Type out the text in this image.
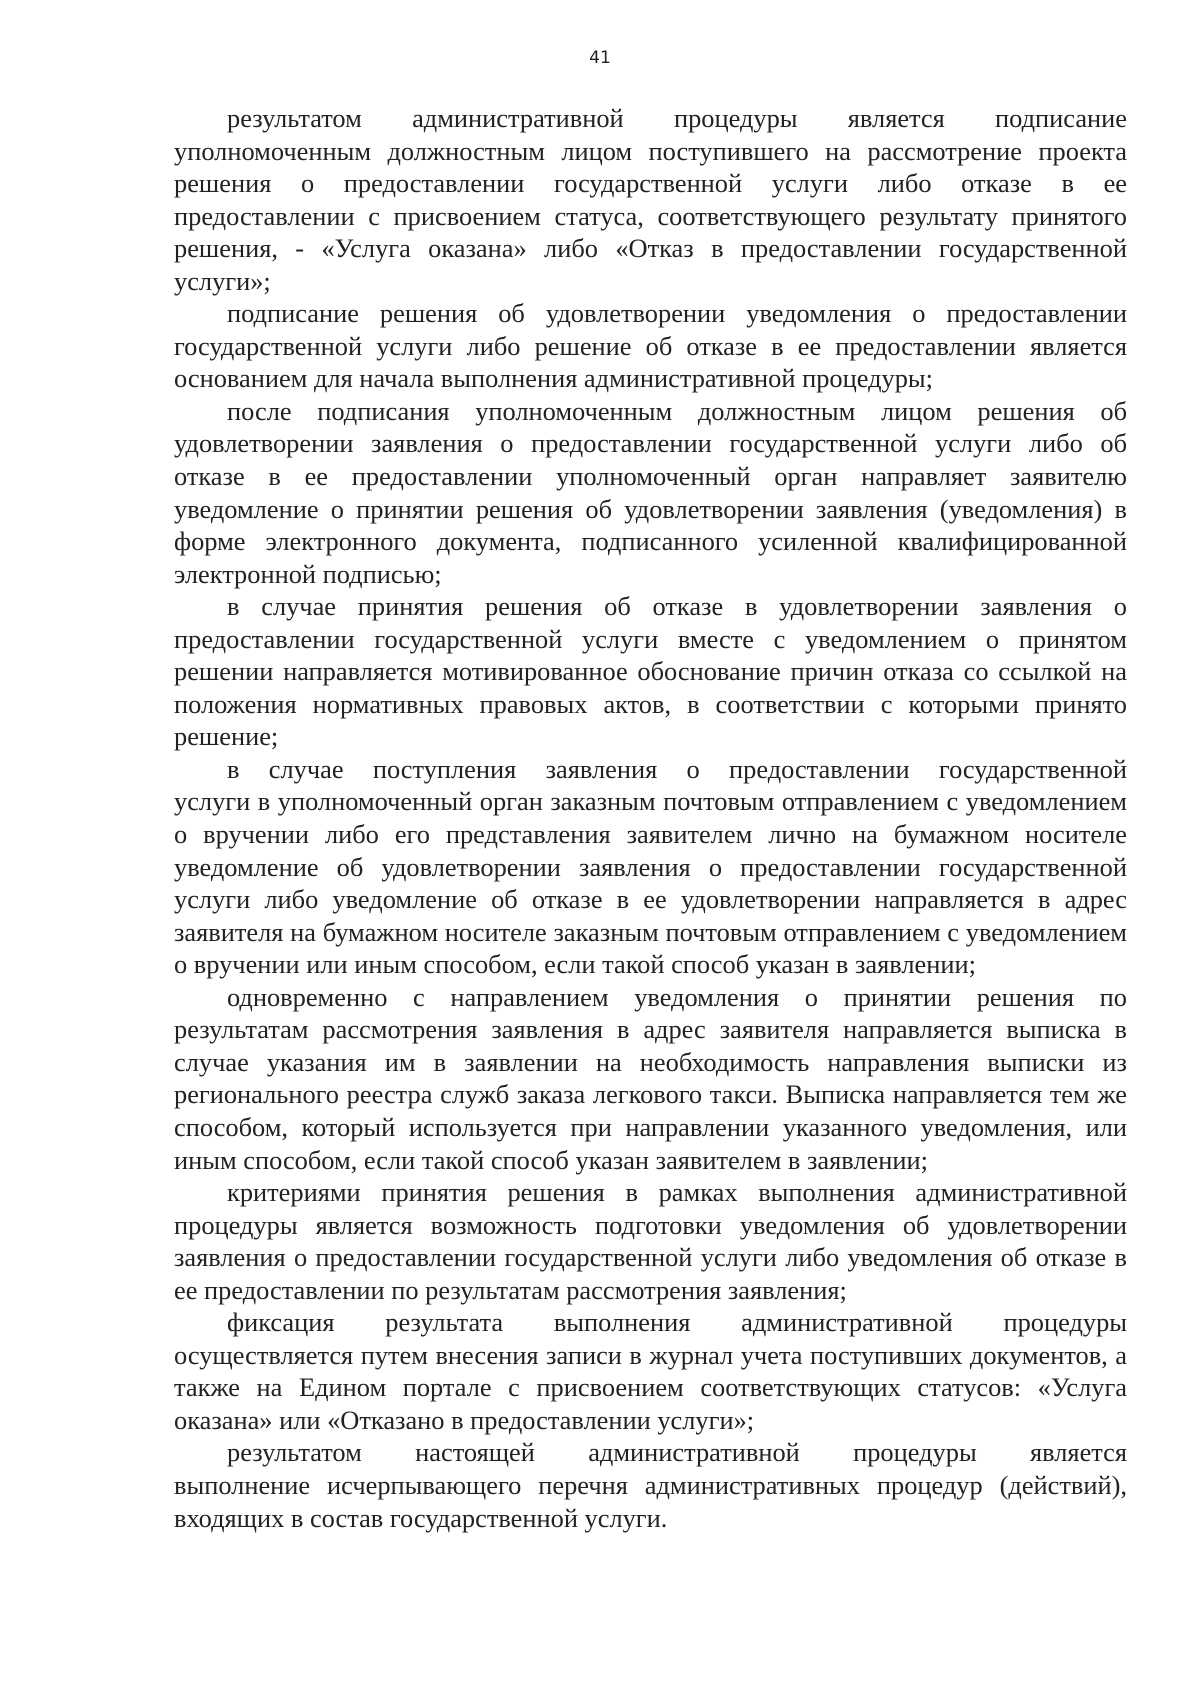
41

результатом административной процедуры является подписание
уполномоченным должностным лицом поступившего на рассмотрение проекта решения о предоставлении государственной услуги либо отказе в ее предоставлении с присвоением статуса, соответствующего результату принятого решения, - «Услуга оказана» либо «Отказ в предоставлении государственной услуги»;

подписание решения об удовлетворении уведомления о предоставлении
государственной услуги либо решение об отказе в ее предоставлении является основанием для начала выполнения административной процедуры;

после подписания уполномоченным должностным лицом решения об
удовлетворении заявления о предоставлении государственной услуги либо об отказе в ее предоставлении уполномоченный орган направляет заявителю уведомление о принятии решения об удовлетворении заявления (уведомления) в форме электронного документа, подписанного усиленной квалифицированной электронной подписью;

в случае принятия решения об отказе в удовлетворении заявления о
предоставлении государственной услуги вместе с уведомлением о принятом решении направляется мотивированное обоснование причин отказа со ссылкой на положения нормативных правовых актов, в соответствии с которыми принято решение;

в случае поступления заявления о предоставлении государственной
услуги в уполномоченный орган заказным почтовым отправлением с уведомлением о вручении либо его представления заявителем лично на бумажном носителе уведомление об удовлетворении заявления о предоставлении государственной услуги либо уведомление об отказе в ее удовлетворении направляется в адрес заявителя на бумажном носителе заказным почтовым отправлением с уведомлением о вручении или иным способом, если такой способ указан в заявлении;

одновременно с направлением уведомления о принятии решения по
результатам рассмотрения заявления в адрес заявителя направляется выписка в случае указания им в заявлении на необходимость направления выписки из регионального реестра служб заказа легкового такси. Выписка направляется тем же способом, который используется при направлении указанного уведомления, или иным способом, если такой способ указан заявителем в заявлении;

критериями принятия решения в рамках выполнения административной
процедуры является возможность подготовки уведомления об удовлетворении заявления о предоставлении государственной услуги либо уведомления об отказе в ее предоставлении по результатам рассмотрения заявления;

фиксация результата выполнения административной процедуры
осуществляется путем внесения записи в журнал учета поступивших документов, а также на Едином портале с присвоением соответствующих статусов: «Услуга оказана» или «Отказано в предоставлении услуги»;

результатом настоящей административной процедуры является
выполнение исчерпывающего перечня административных процедур (действий), входящих в состав государственной услуги.
